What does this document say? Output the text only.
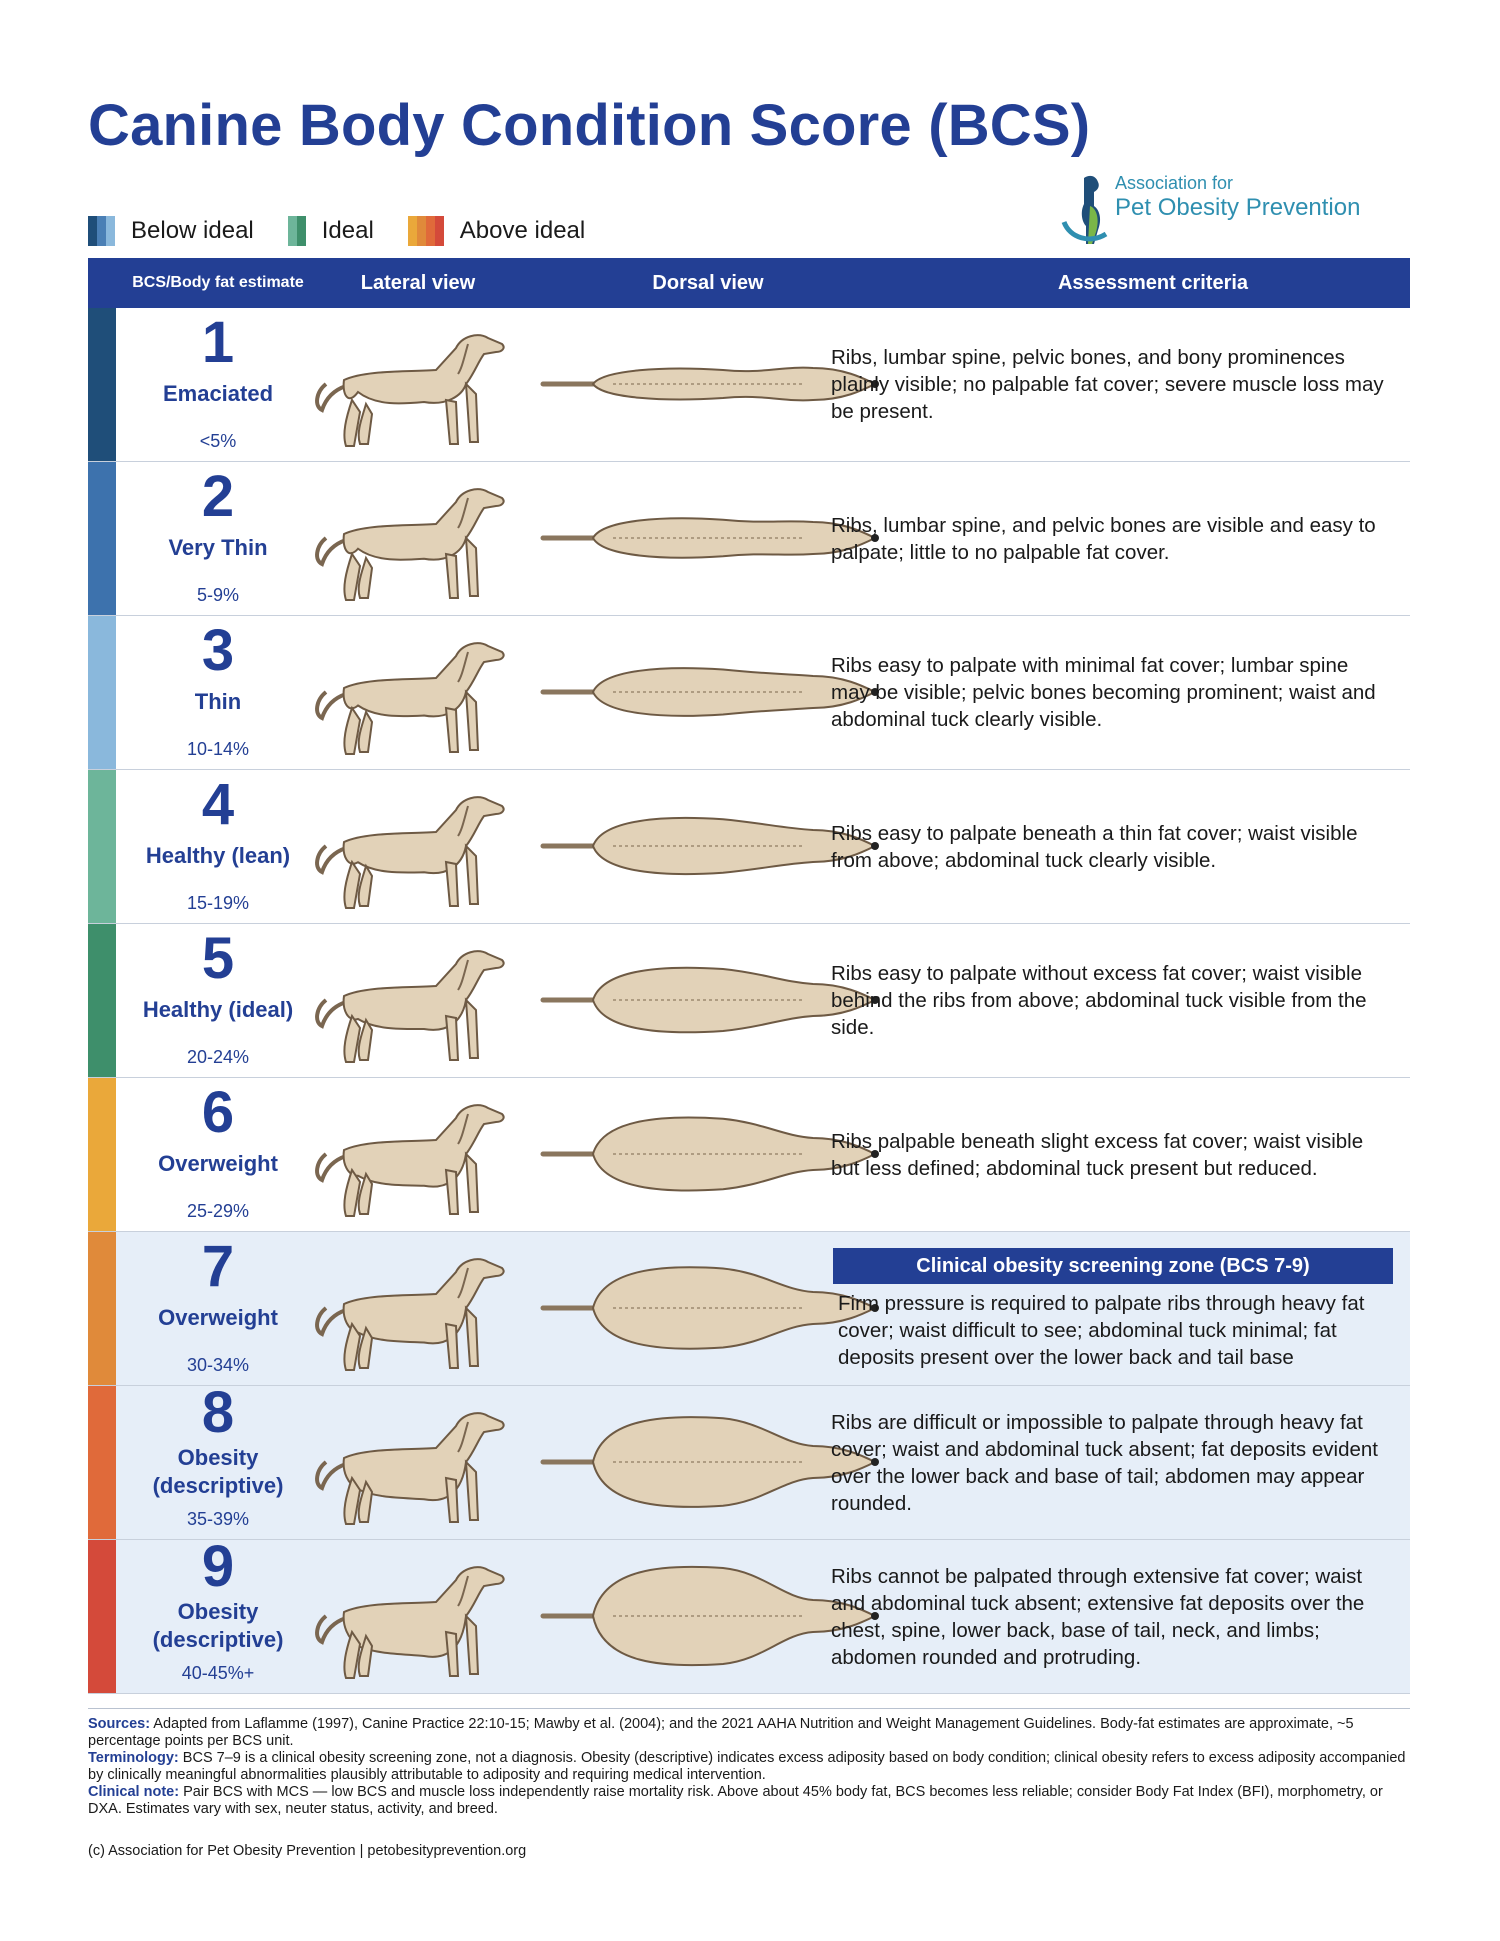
Canine Body Condition Score (BCS)
Below ideal	Ideal	Above ideal
Association for
Pet Obesity Prevention
BCS/Body fat estimate	Lateral view	Dorsal view	Assessment criteria
1
Emaciated
<5%
Ribs, lumbar spine, pelvic bones, and bony prominences plainly visible; no palpable fat cover; severe muscle loss may be present.
2
Very Thin
5-9%
Ribs, lumbar spine, and pelvic bones are visible and easy to palpate; little to no palpable fat cover.
3
Thin
10-14%
Ribs easy to palpate with minimal fat cover; lumbar spine may be visible; pelvic bones becoming prominent; waist and abdominal tuck clearly visible.
4
Healthy (lean)
15-19%
Ribs easy to palpate beneath a thin fat cover; waist visible from above; abdominal tuck clearly visible.
5
Healthy (ideal)
20-24%
Ribs easy to palpate without excess fat cover; waist visible behind the ribs from above; abdominal tuck visible from the side.
6
Overweight
25-29%
Ribs palpable beneath slight excess fat cover; waist visible but less defined; abdominal tuck present but reduced.
7
Overweight
30-34%
Clinical obesity screening zone (BCS 7-9)
Firm pressure is required to palpate ribs through heavy fat cover; waist difficult to see; abdominal tuck minimal; fat deposits present over the lower back and tail base
8
Obesity (descriptive)
35-39%
Ribs are difficult or impossible to palpate through heavy fat cover; waist and abdominal tuck absent; fat deposits evident over the lower back and base of tail; abdomen may appear rounded.
9
Obesity (descriptive)
40-45%+
Ribs cannot be palpated through extensive fat cover; waist and abdominal tuck absent; extensive fat deposits over the chest, spine, lower back, base of tail, neck, and limbs; abdomen rounded and protruding.

Sources: Adapted from Laflamme (1997), Canine Practice 22:10-15; Mawby et al. (2004); and the 2021 AAHA Nutrition and Weight Management Guidelines. Body-fat estimates are approximate, ~5 percentage points per BCS unit.

Terminology: BCS 7–9 is a clinical obesity screening zone, not a diagnosis. Obesity (descriptive) indicates excess adiposity based on body condition; clinical obesity refers to excess adiposity accompanied by clinically meaningful abnormalities plausibly attributable to adiposity and requiring medical intervention.

Clinical note: Pair BCS with MCS — low BCS and muscle loss independently raise mortality risk. Above about 45% body fat, BCS becomes less reliable; consider Body Fat Index (BFI), morphometry, or DXA. Estimates vary with sex, neuter status, activity, and breed.

(c) Association for Pet Obesity Prevention | petobesityprevention.org
